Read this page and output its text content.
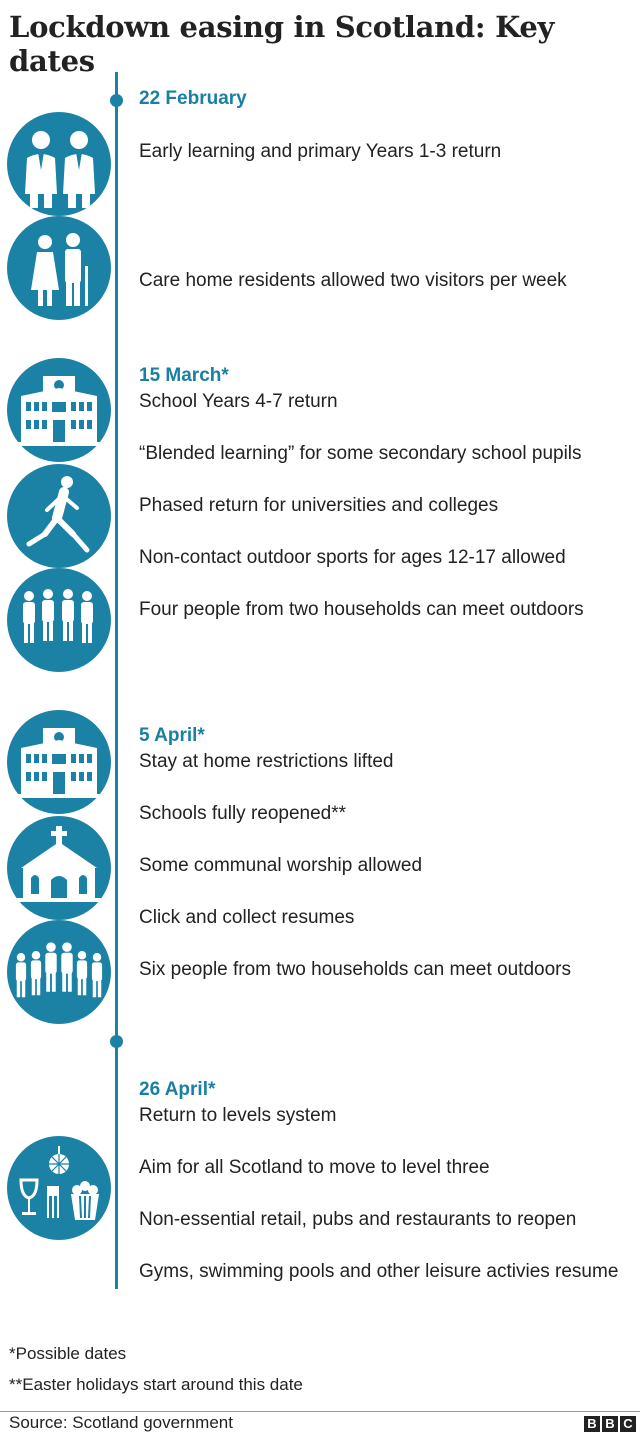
Lockdown easing in Scotland: Key dates
22 February
Early learning and primary Years 1-3 return
Care home residents allowed two visitors per week
15 March*
School Years 4-7 return
“Blended learning” for some secondary school pupils
Phased return for universities and colleges
Non-contact outdoor sports for ages 12-17 allowed
Four people from two households can meet outdoors
5 April*
Stay at home restrictions lifted
Schools fully reopened**
Some communal worship allowed
Click and collect resumes
Six people from two households can meet outdoors
26 April*
Return to levels system
Aim for all Scotland to move to level three
Non-essential retail, pubs and restaurants to reopen
Gyms, swimming pools and other leisure activies resume
*Possible dates
**Easter holidays start around this date
Source: Scotland government	B B C
